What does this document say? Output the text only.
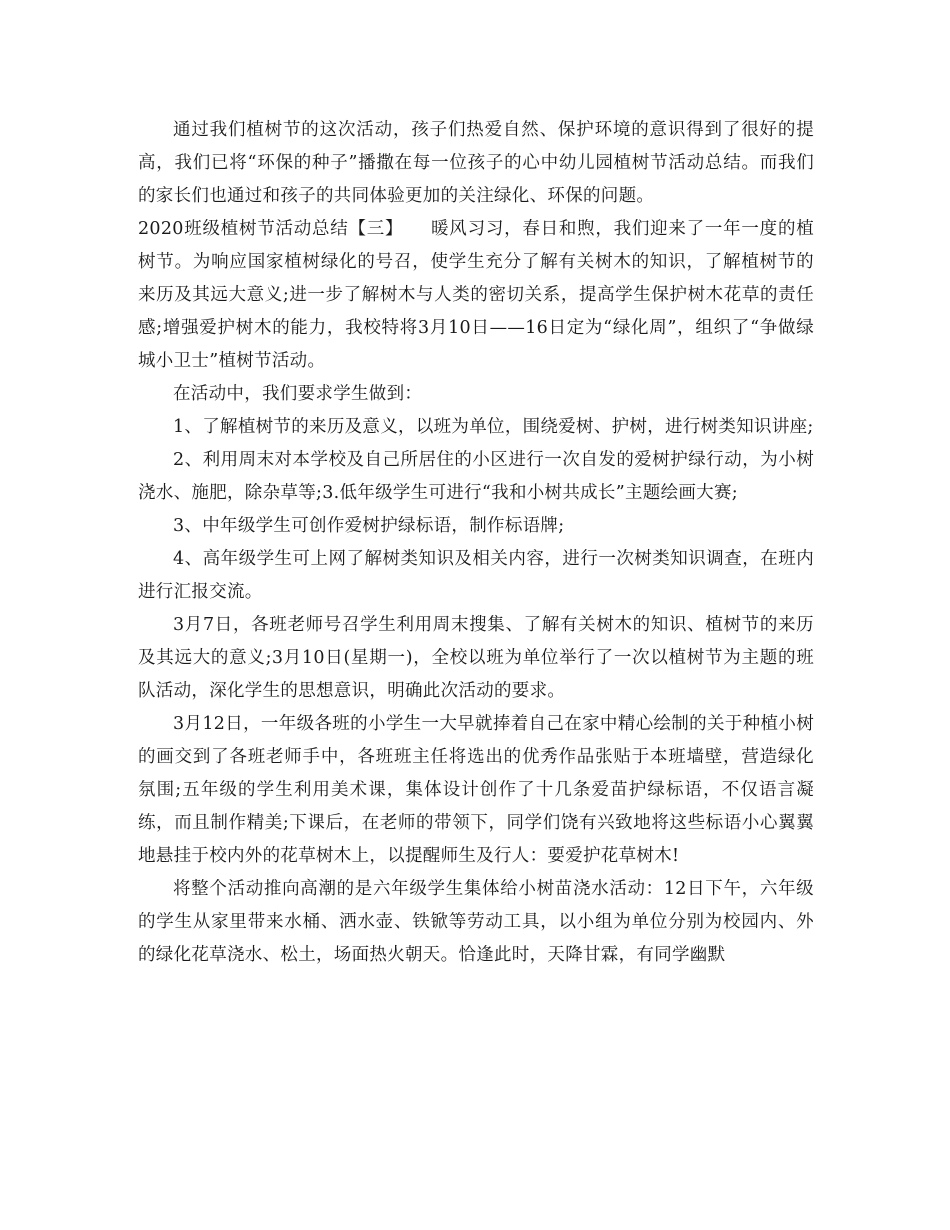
通过我们植树节的这次活动，孩子们热爱自然、保护环境的意识得到了很好的提高，我们已将“环保的种子”播撒在每一位孩子的心中幼儿园植树节活动总结。而我们的家长们也通过和孩子的共同体验更加的关注绿化、环保的问题。

2020班级植树节活动总结【三】　　暖风习习，春日和煦，我们迎来了一年一度的植树节。为响应国家植树绿化的号召，使学生充分了解有关树木的知识，了解植树节的来历及其远大意义;进一步了解树木与人类的密切关系，提高学生保护树木花草的责任感;增强爱护树木的能力，我校特将3月10日——16日定为“绿化周”，组织了“争做绿城小卫士”植树节活动。

在活动中，我们要求学生做到：

1、了解植树节的来历及意义，以班为单位，围绕爱树、护树，进行树类知识讲座;

2、利用周末对本学校及自己所居住的小区进行一次自发的爱树护绿行动，为小树浇水、施肥，除杂草等;3.低年级学生可进行“我和小树共成长”主题绘画大赛;

3、中年级学生可创作爱树护绿标语，制作标语牌;

4、高年级学生可上网了解树类知识及相关内容，进行一次树类知识调查，在班内进行汇报交流。

3月7日，各班老师号召学生利用周末搜集、了解有关树木的知识、植树节的来历及其远大的意义;3月10日(星期一)，全校以班为单位举行了一次以植树节为主题的班队活动，深化学生的思想意识，明确此次活动的要求。

3月12日，一年级各班的小学生一大早就捧着自己在家中精心绘制的关于种植小树的画交到了各班老师手中，各班班主任将选出的优秀作品张贴于本班墙壁，营造绿化氛围;五年级的学生利用美术课，集体设计创作了十几条爱苗护绿标语，不仅语言凝练，而且制作精美;下课后，在老师的带领下，同学们饶有兴致地将这些标语小心翼翼地悬挂于校内外的花草树木上，以提醒师生及行人：要爱护花草树木!

将整个活动推向高潮的是六年级学生集体给小树苗浇水活动：12日下午，六年级的学生从家里带来水桶、洒水壶、铁锨等劳动工具，以小组为单位分别为校园内、外的绿化花草浇水、松土，场面热火朝天。恰逢此时，天降甘霖，有同学幽默
